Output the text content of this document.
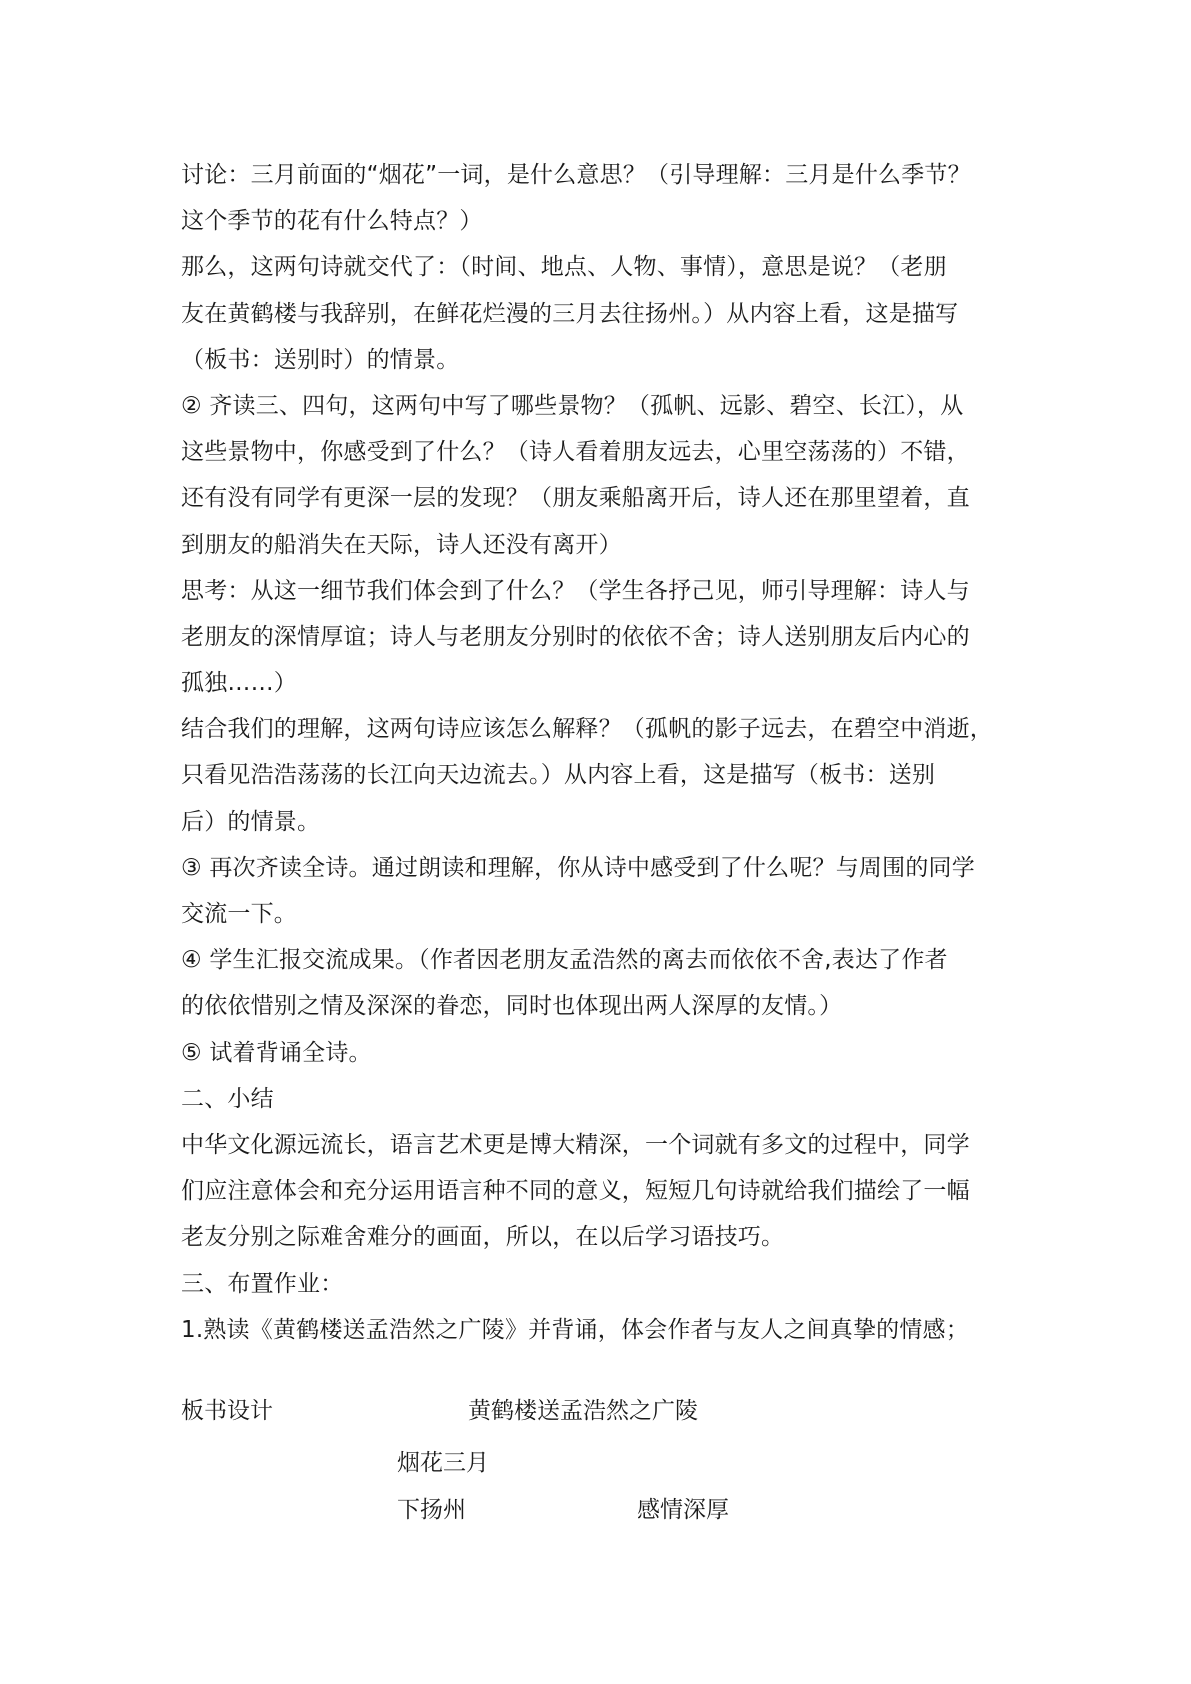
讨论：三月前面的“烟花”一词，是什么意思？（引导理解：三月是什么季节？
这个季节的花有什么特点？）
那么，这两句诗就交代了：（时间、地点、人物、事情），意思是说？（老朋
友在黄鹤楼与我辞别，在鲜花烂漫的三月去往扬州。）从内容上看，这是描写
（板书：送别时）的情景。
② 齐读三、四句，这两句中写了哪些景物？（孤帆、远影、碧空、长江），从
这些景物中，你感受到了什么？（诗人看着朋友远去，心里空荡荡的）不错，
还有没有同学有更深一层的发现？（朋友乘船离开后，诗人还在那里望着，直
到朋友的船消失在天际，诗人还没有离开）
思考：从这一细节我们体会到了什么？（学生各抒己见，师引导理解：诗人与
老朋友的深情厚谊；诗人与老朋友分别时的依依不舍；诗人送别朋友后内心的
孤独……）
结合我们的理解，这两句诗应该怎么解释？（孤帆的影子远去，在碧空中消逝，
只看见浩浩荡荡的长江向天边流去。）从内容上看，这是描写（板书：送别
后）的情景。
③ 再次齐读全诗。通过朗读和理解，你从诗中感受到了什么呢？与周围的同学
交流一下。
④ 学生汇报交流成果。（作者因老朋友孟浩然的离去而依依不舍,表达了作者
的依依惜别之情及深深的眷恋，同时也体现出两人深厚的友情。）
⑤ 试着背诵全诗。
二、小结
中华文化源远流长，语言艺术更是博大精深，一个词就有多文的过程中，同学
们应注意体会和充分运用语言种不同的意义，短短几句诗就给我们描绘了一幅
老友分别之际难舍难分的画面，所以，在以后学习语技巧。
三、布置作业：
1.熟读《黄鹤楼送孟浩然之广陵》并背诵，体会作者与友人之间真挚的情感；
板书设计	黄鹤楼送孟浩然之广陵
烟花三月
下扬州	感情深厚
